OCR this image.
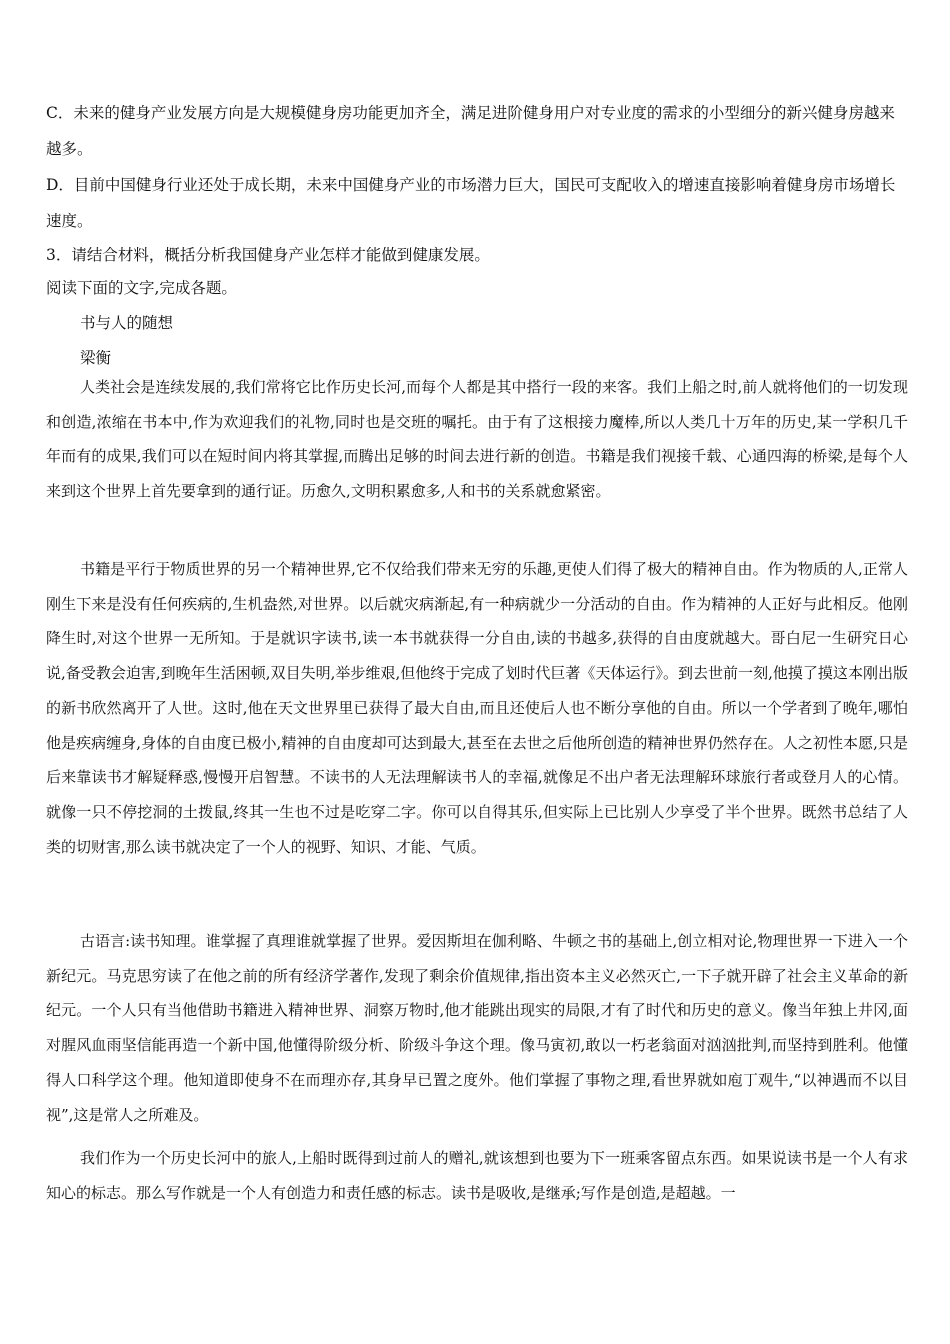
C．未来的健身产业发展方向是大规模健身房功能更加齐全，满足进阶健身用户对专业度的需求的小型细分的新兴健身房越来越多。
D．目前中国健身行业还处于成长期，未来中国健身产业的市场潜力巨大，国民可支配收入的增速直接影响着健身房市场增长速度。
3．请结合材料，概括分析我国健身产业怎样才能做到健康发展。
阅读下面的文字,完成各题。
书与人的随想
梁衡

人类社会是连续发展的,我们常将它比作历史长河,而每个人都是其中搭行一段的来客。我们上船之时,前人就将他们的一切发现和创造,浓缩在书本中,作为欢迎我们的礼物,同时也是交班的嘱托。由于有了这根接力魔棒,所以人类几十万年的历史,某一学积几千年而有的成果,我们可以在短时间内将其掌握,而腾出足够的时间去进行新的创造。书籍是我们视接千载、心通四海的桥梁,是每个人来到这个世界上首先要拿到的通行证。历愈久,文明积累愈多,人和书的关系就愈紧密。

书籍是平行于物质世界的另一个精神世界,它不仅给我们带来无穷的乐趣,更使人们得了极大的精神自由。作为物质的人,正常人刚生下来是没有任何疾病的,生机盎然,对世界。以后就灾病渐起,有一种病就少一分活动的自由。作为精神的人正好与此相反。他刚降生时,对这个世界一无所知。于是就识字读书,读一本书就获得一分自由,读的书越多,获得的自由度就越大。哥白尼一生研究日心说,备受教会迫害,到晚年生活困顿,双目失明,举步维艰,但他终于完成了划时代巨著《天体运行》。到去世前一刻,他摸了摸这本刚出版的新书欣然离开了人世。这时,他在天文世界里已获得了最大自由,而且还使后人也不断分享他的自由。所以一个学者到了晚年,哪怕他是疾病缠身,身体的自由度已极小,精神的自由度却可达到最大,甚至在去世之后他所创造的精神世界仍然存在。人之初性本愿,只是后来靠读书才解疑释惑,慢慢开启智慧。不读书的人无法理解读书人的幸福,就像足不出户者无法理解环球旅行者或登月人的心情。就像一只不停挖洞的土拨鼠,终其一生也不过是吃穿二字。你可以自得其乐,但实际上已比别人少享受了半个世界。既然书总结了人类的切财害,那么读书就决定了一个人的视野、知识、才能、气质。

古语言:读书知理。谁掌握了真理谁就掌握了世界。爱因斯坦在伽利略、牛顿之书的基础上,创立相对论,物理世界一下进入一个新纪元。马克思穷读了在他之前的所有经济学著作,发现了剩余价值规律,指出资本主义必然灭亡,一下子就开辟了社会主义革命的新纪元。一个人只有当他借助书籍进入精神世界、洞察万物时,他才能跳出现实的局限,才有了时代和历史的意义。像当年独上井冈,面对腥风血雨坚信能再造一个新中国,他懂得阶级分析、阶级斗争这个理。像马寅初,敢以一朽老翁面对汹汹批判,而坚持到胜利。他懂得人口科学这个理。他知道即使身不在而理亦存,其身早已置之度外。他们掌握了事物之理,看世界就如庖丁观牛,“以神遇而不以目视”,这是常人之所难及。

我们作为一个历史长河中的旅人,上船时既得到过前人的赠礼,就该想到也要为下一班乘客留点东西。如果说读书是一个人有求知心的标志。那么写作就是一个人有创造力和责任感的标志。读书是吸收,是继承;写作是创造,是超越。一
